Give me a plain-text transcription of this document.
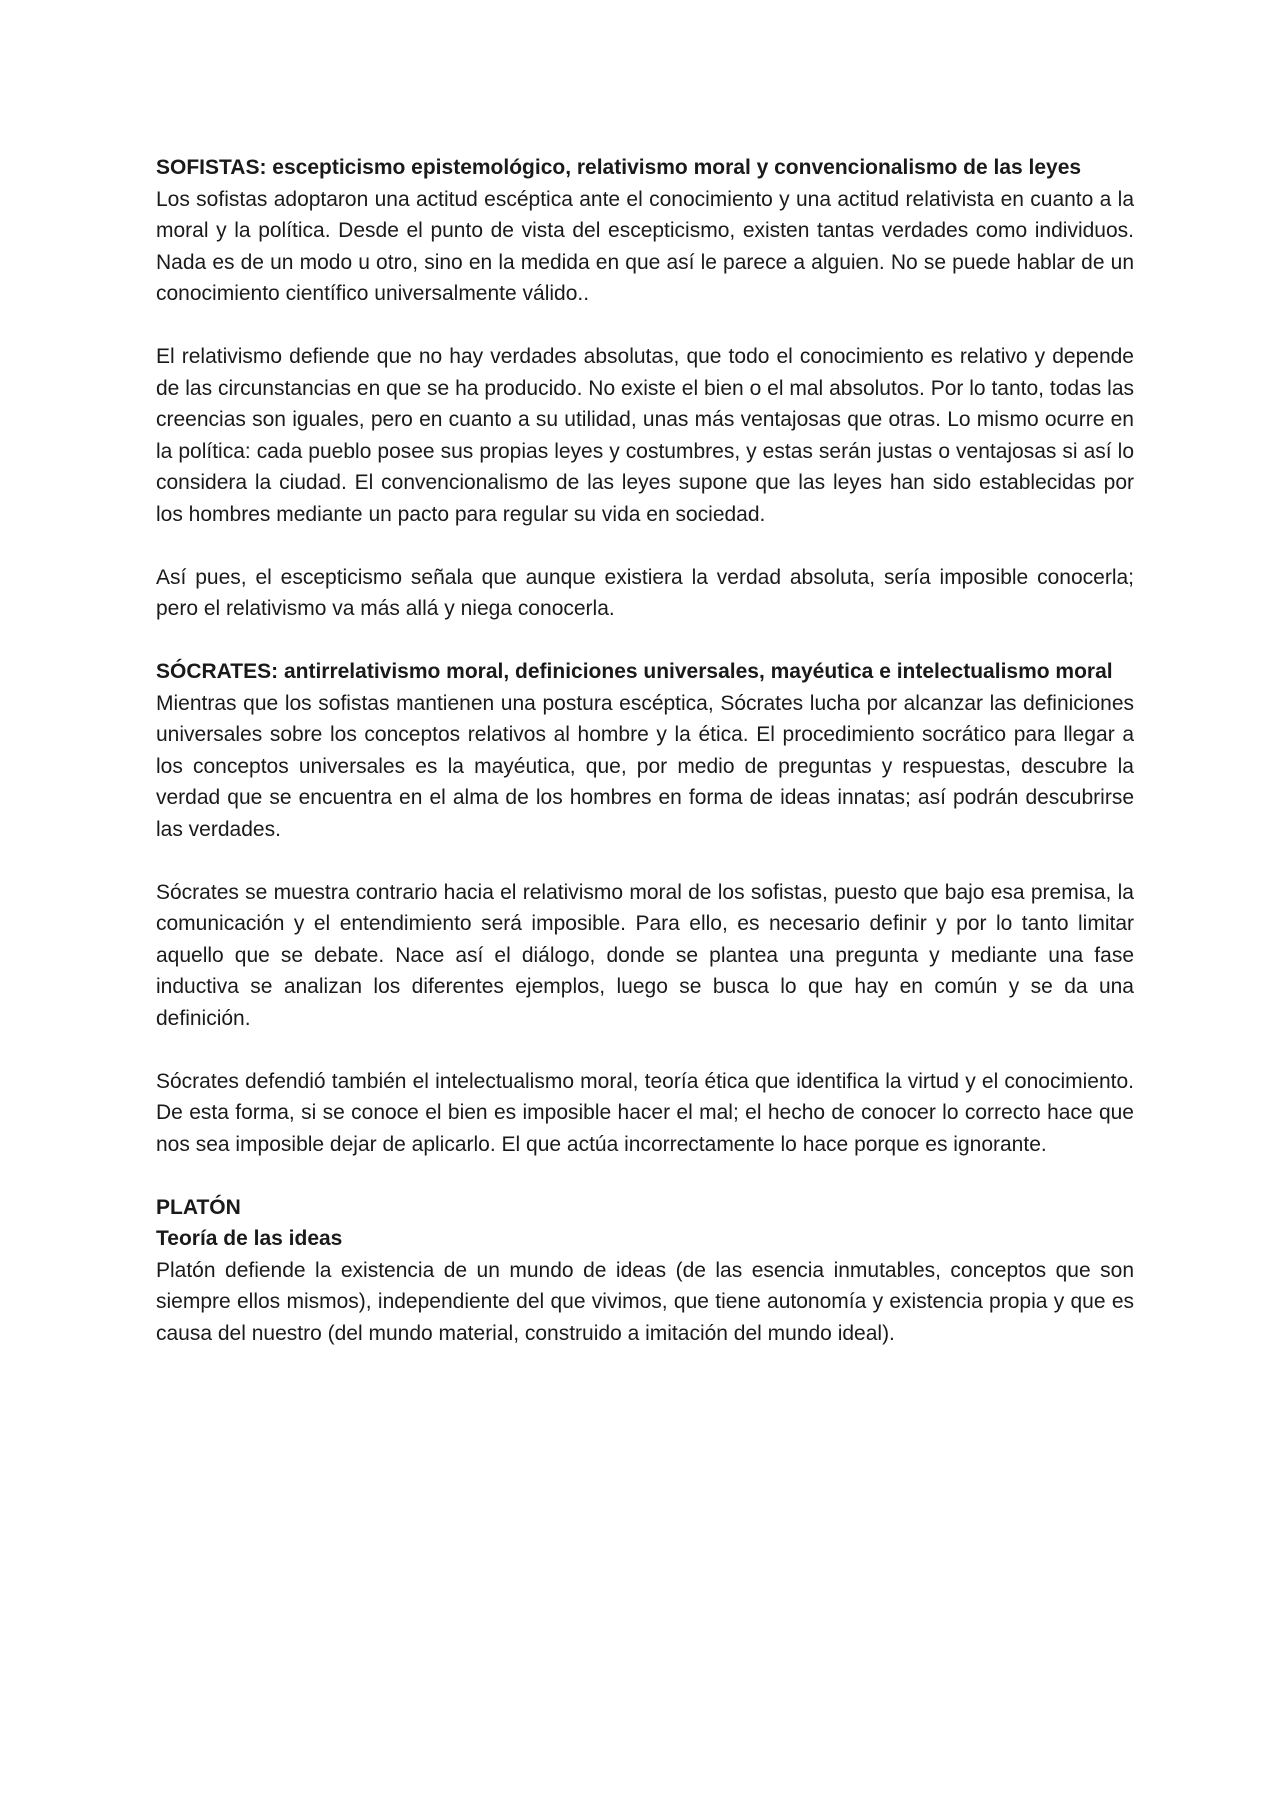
SOFISTAS: escepticismo epistemológico, relativismo moral y convencionalismo de las leyes

Los sofistas adoptaron una actitud escéptica ante el conocimiento y una actitud relativista en cuanto a la moral y la política. Desde el punto de vista del escepticismo, existen tantas verdades como individuos. Nada es de un modo u otro, sino en la medida en que así le parece a alguien. No se puede hablar de un conocimiento científico universalmente válido..

El relativismo defiende que no hay verdades absolutas, que todo el conocimiento es relativo y depende de las circunstancias en que se ha producido. No existe el bien o el mal absolutos. Por lo tanto, todas las creencias son iguales, pero en cuanto a su utilidad, unas más ventajosas que otras. Lo mismo ocurre en la política: cada pueblo posee sus propias leyes y costumbres, y estas serán justas o ventajosas si así lo considera la ciudad. El convencionalismo de las leyes supone que las leyes han sido establecidas por los hombres mediante un pacto para regular su vida en sociedad.

Así pues, el escepticismo señala que aunque existiera la verdad absoluta, sería imposible conocerla; pero el relativismo va más allá y niega conocerla.

SÓCRATES: antirrelativismo moral, definiciones universales, mayéutica e intelectualismo moral

Mientras que los sofistas mantienen una postura escéptica, Sócrates lucha por alcanzar las definiciones universales sobre los conceptos relativos al hombre y la ética. El procedimiento socrático para llegar a los conceptos universales es la mayéutica, que, por medio de preguntas y respuestas, descubre la verdad que se encuentra en el alma de los hombres en forma de ideas innatas; así podrán descubrirse las verdades.

Sócrates se muestra contrario hacia el relativismo moral de los sofistas, puesto que bajo esa premisa, la comunicación y el entendimiento será imposible. Para ello, es necesario definir y por lo tanto limitar aquello que se debate. Nace así el diálogo, donde se plantea una pregunta y mediante una fase inductiva se analizan los diferentes ejemplos, luego se busca lo que hay en común y se da una definición.

Sócrates defendió también el intelectualismo moral, teoría ética que identifica la virtud y el conocimiento. De esta forma, si se conoce el bien es imposible hacer el mal; el hecho de conocer lo correcto hace que nos sea imposible dejar de aplicarlo. El que actúa incorrectamente lo hace porque es ignorante.

PLATÓN

Teoría de las ideas

Platón defiende la existencia de un mundo de ideas (de las esencia inmutables, conceptos que son siempre ellos mismos), independiente del que vivimos, que tiene autonomía y existencia propia y que es causa del nuestro (del mundo material, construido a imitación del mundo ideal).
